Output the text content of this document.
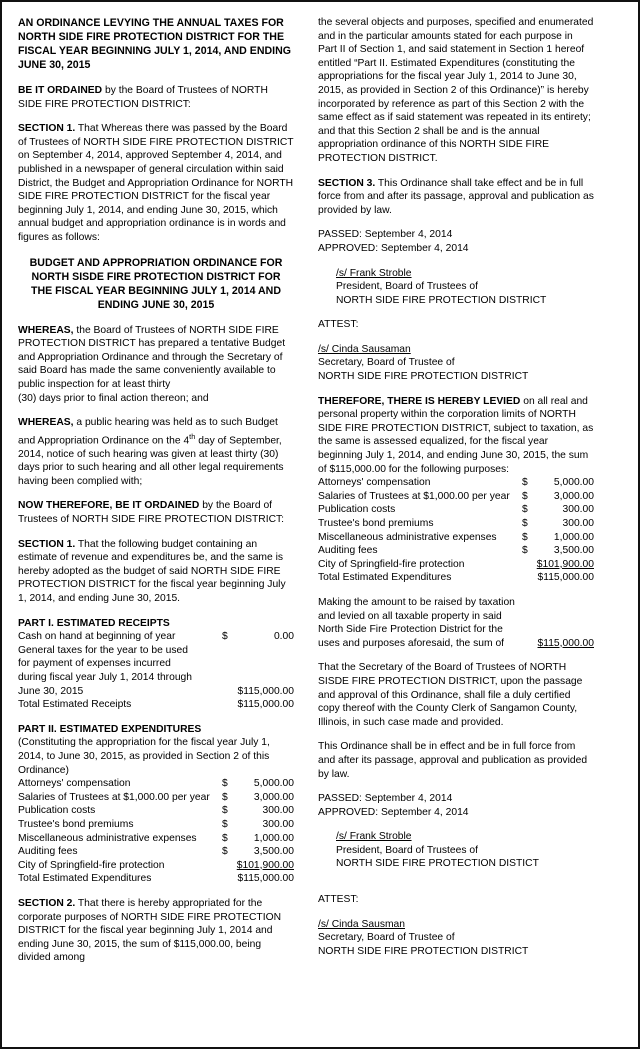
AN ORDINANCE LEVYING THE ANNUAL TAXES FOR NORTH SIDE FIRE PROTECTION DISTRICT FOR THE FISCAL YEAR BEGINNING JULY 1, 2014, AND ENDING JUNE 30, 2015

BE IT ORDAINED by the Board of Trustees of NORTH SIDE FIRE PROTECTION DISTRICT:

SECTION 1. That Whereas there was passed by the Board of Trustees of NORTH SIDE FIRE PROTECTION DISTRICT on September 4, 2014, approved September 4, 2014, and published in a newspaper of general circulation within said District, the Budget and Appropriation Ordinance for NORTH SIDE FIRE PROTECTION DISTRICT for the fiscal year beginning July 1, 2014, and ending June 30, 2015, which annual budget and appropriation ordinance is in words and figures as follows:

BUDGET AND APPROPRIATION ORDINANCE FOR NORTH SISDE FIRE PROTECTION DISTRICT FOR THE FISCAL YEAR BEGINNING JULY 1, 2014 AND ENDING JUNE 30, 2015

WHEREAS, the Board of Trustees of NORTH SIDE FIRE PROTECTION DISTRICT has prepared a tentative Budget and Appropriation Ordinance and through the Secretary of said Board has made the same conveniently available to public inspection for at least thirty

(30) days prior to final action thereon; and

WHEREAS, a public hearing was held as to such Budget and Appropriation Ordinance on the 4th day of September, 2014, notice of such hearing was given at least thirty (30) days prior to such hearing and all other legal requirements having been complied with;

NOW THEREFORE, BE IT ORDAINED by the Board of Trustees of NORTH SIDE FIRE PROTECTION DISTRICT:

SECTION 1. That the following budget containing an estimate of revenue and expenditures be, and the same is hereby adopted as the budget of said NORTH SIDE FIRE PROTECTION DISTRICT for the fiscal year beginning July 1, 2014, and ending June 30, 2015.

PART I. ESTIMATED RECEIPTS

Cash on hand at beginning of year	$	0.00
General taxes for the year to be used
for payment of expenses incurred
during fiscal year July 1, 2014 through
June 30, 2015	$115,000.00
Total Estimated Receipts	$115,000.00

PART II. ESTIMATED EXPENDITURES

(Constituting the appropriation for the fiscal year July 1, 2014, to June 30, 2015, as provided in Section 2 of this Ordinance)

Attorneys' compensation	$	5,000.00
Salaries of Trustees at $1,000.00 per year	$	3,000.00
Publication costs	$	300.00
Trustee's bond premiums	$	300.00
Miscellaneous administrative expenses	$	1,000.00
Auditing fees	$	3,500.00
City of Springfield-fire protection	$101,900.00
Total Estimated Expenditures	$115,000.00

SECTION 2. That there is hereby appropriated for the corporate purposes of NORTH SIDE FIRE PROTECTION DISTRICT for the fiscal year beginning July 1, 2014 and ending June 30, 2015, the sum of $115,000.00, being divided among

the several objects and purposes, specified and enumerated and in the particular amounts stated for each purpose in Part II of Section 1, and said statement in Section 1 hereof entitled “Part II. Estimated Expenditures (constituting the appropriations for the fiscal year July 1, 2014 to June 30, 2015, as provided in Section 2 of this Ordinance)” is hereby incorporated by reference as part of this Section 2 with the same effect as if said statement was repeated in its entirety; and that this Section 2 shall be and is the annual appropriation ordinance of this NORTH SIDE FIRE PROTECTION DISTRICT.

SECTION 3. This Ordinance shall take effect and be in full force from and after its passage, approval and publication as provided by law.

PASSED: September 4, 2014

APPROVED: September 4, 2014

/s/ Frank Stroble
President, Board of Trustees of
NORTH SIDE FIRE PROTECTION DISTRICT

ATTEST:

/s/ Cinda Sausaman
Secretary, Board of Trustee of
NORTH SIDE FIRE PROTECTION DISTRICT

THEREFORE, THERE IS HEREBY LEVIED on all real and personal property within the corporation limits of NORTH SIDE FIRE PROTECTION DISTRICT, subject to taxation, as the same is assessed equalized, for the fiscal year beginning July 1, 2014, and ending June 30, 2015, the sum of $115,000.00 for the following purposes:

Attorneys' compensation	$	5,000.00
Salaries of Trustees at $1,000.00 per year	$	3,000.00
Publication costs	$	300.00
Trustee's bond premiums	$	300.00
Miscellaneous administrative expenses	$	1,000.00
Auditing fees	$	3,500.00
City of Springfield-fire protection	$101,900.00
Total Estimated Expenditures	$115,000.00
Making the amount to be raised by taxation
and levied on all taxable property in said
North Side Fire Protection District for the
uses and purposes aforesaid, the sum of	$115,000.00

That the Secretary of the Board of Trustees of NORTH SISDE FIRE PROTECTION DISTRICT, upon the passage and approval of this Ordinance, shall file a duly certified copy thereof with the County Clerk of Sangamon County, Illinois, in such case made and provided.

This Ordinance shall be in effect and be in full force from and after its passage, approval and publication as provided by law.

PASSED: September 4, 2014

APPROVED: September 4, 2014

/s/ Frank Stroble
President, Board of Trustees of
NORTH SIDE FIRE PROTECTION DISTICT

ATTEST:

/s/ Cinda Sausman
Secretary, Board of Trustee of
NORTH SIDE FIRE PROTECTION DISTRICT
